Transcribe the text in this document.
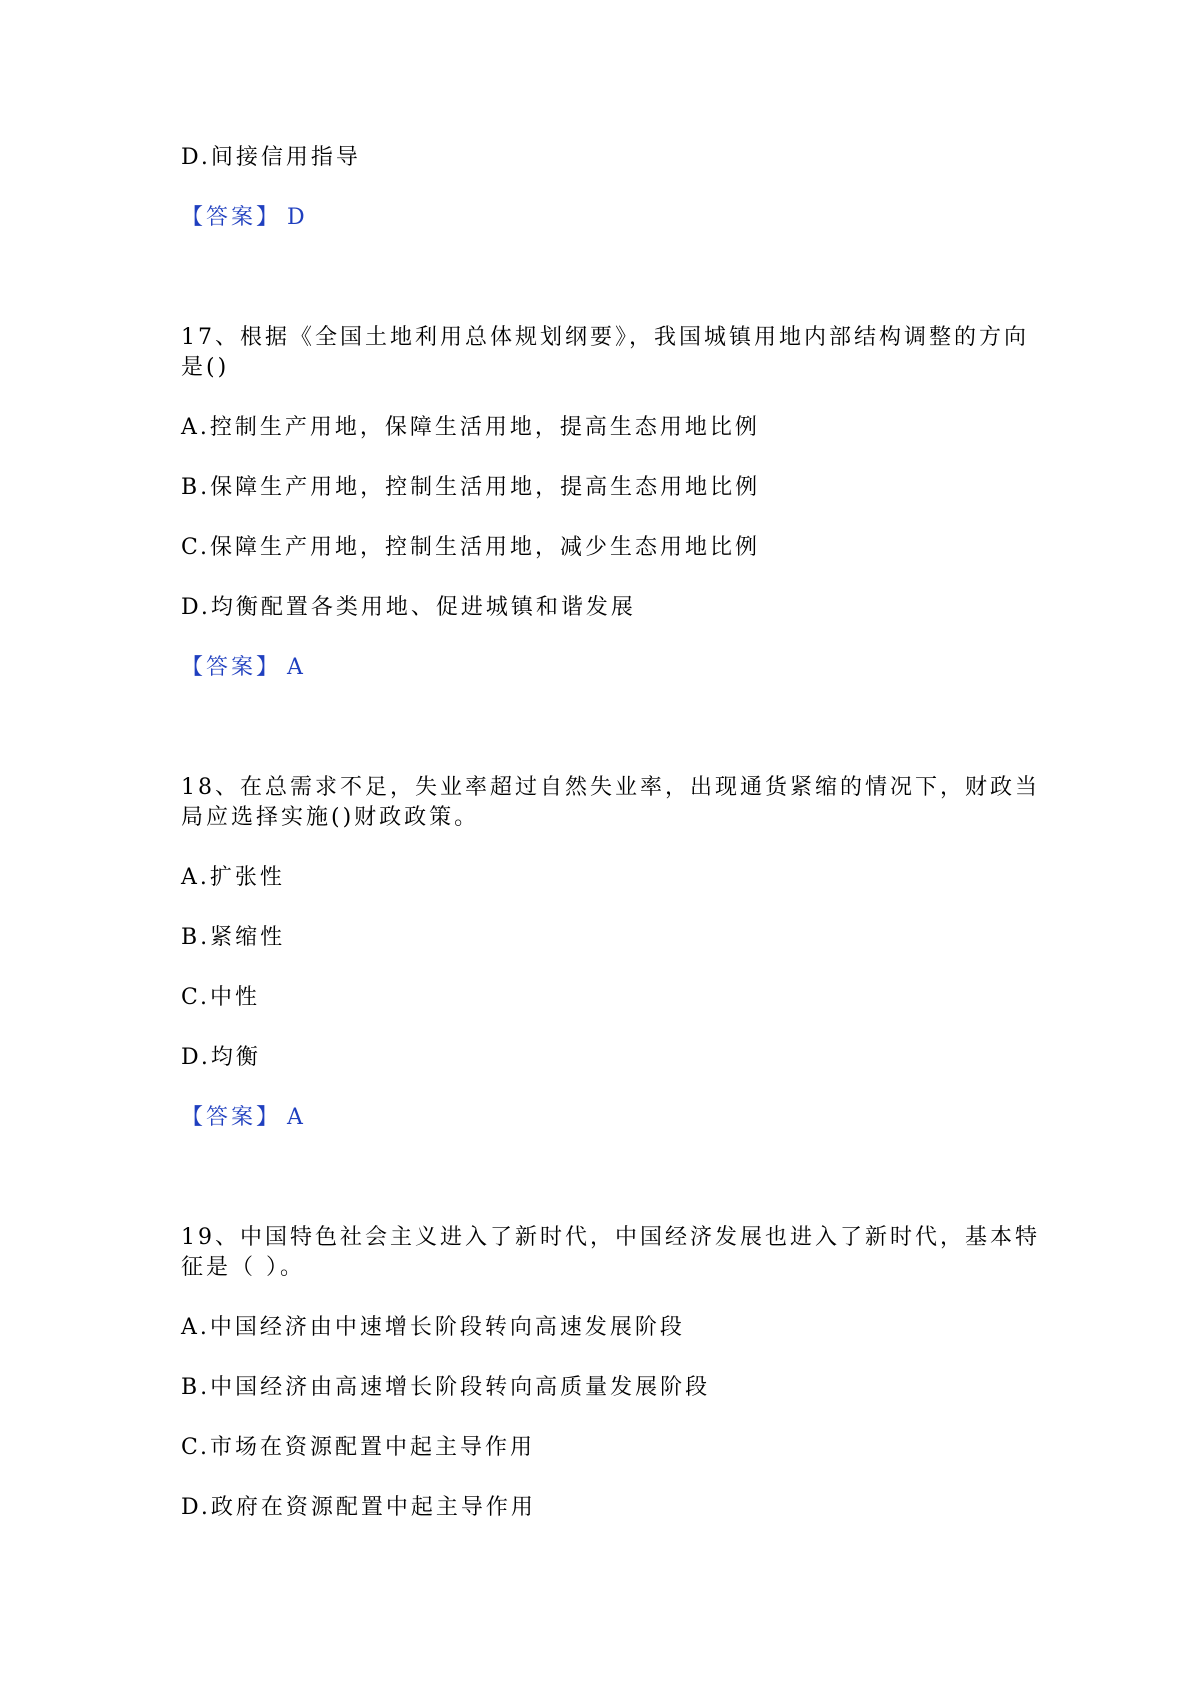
D.间接信用指导
【答案】 D
17、根据《全国土地利用总体规划纲要》，我国城镇用地内部结构调整的方向
是()
A.控制生产用地，保障生活用地，提高生态用地比例
B.保障生产用地，控制生活用地，提高生态用地比例
C.保障生产用地，控制生活用地，减少生态用地比例
D.均衡配置各类用地、促进城镇和谐发展
【答案】 A
18、在总需求不足，失业率超过自然失业率，出现通货紧缩的情况下，财政当
局应选择实施()财政政策。
A.扩张性
B.紧缩性
C.中性
D.均衡
【答案】 A
19、中国特色社会主义进入了新时代，中国经济发展也进入了新时代，基本特
征是（ ）。
A.中国经济由中速增长阶段转向高速发展阶段
B.中国经济由高速增长阶段转向高质量发展阶段
C.市场在资源配置中起主导作用
D.政府在资源配置中起主导作用
